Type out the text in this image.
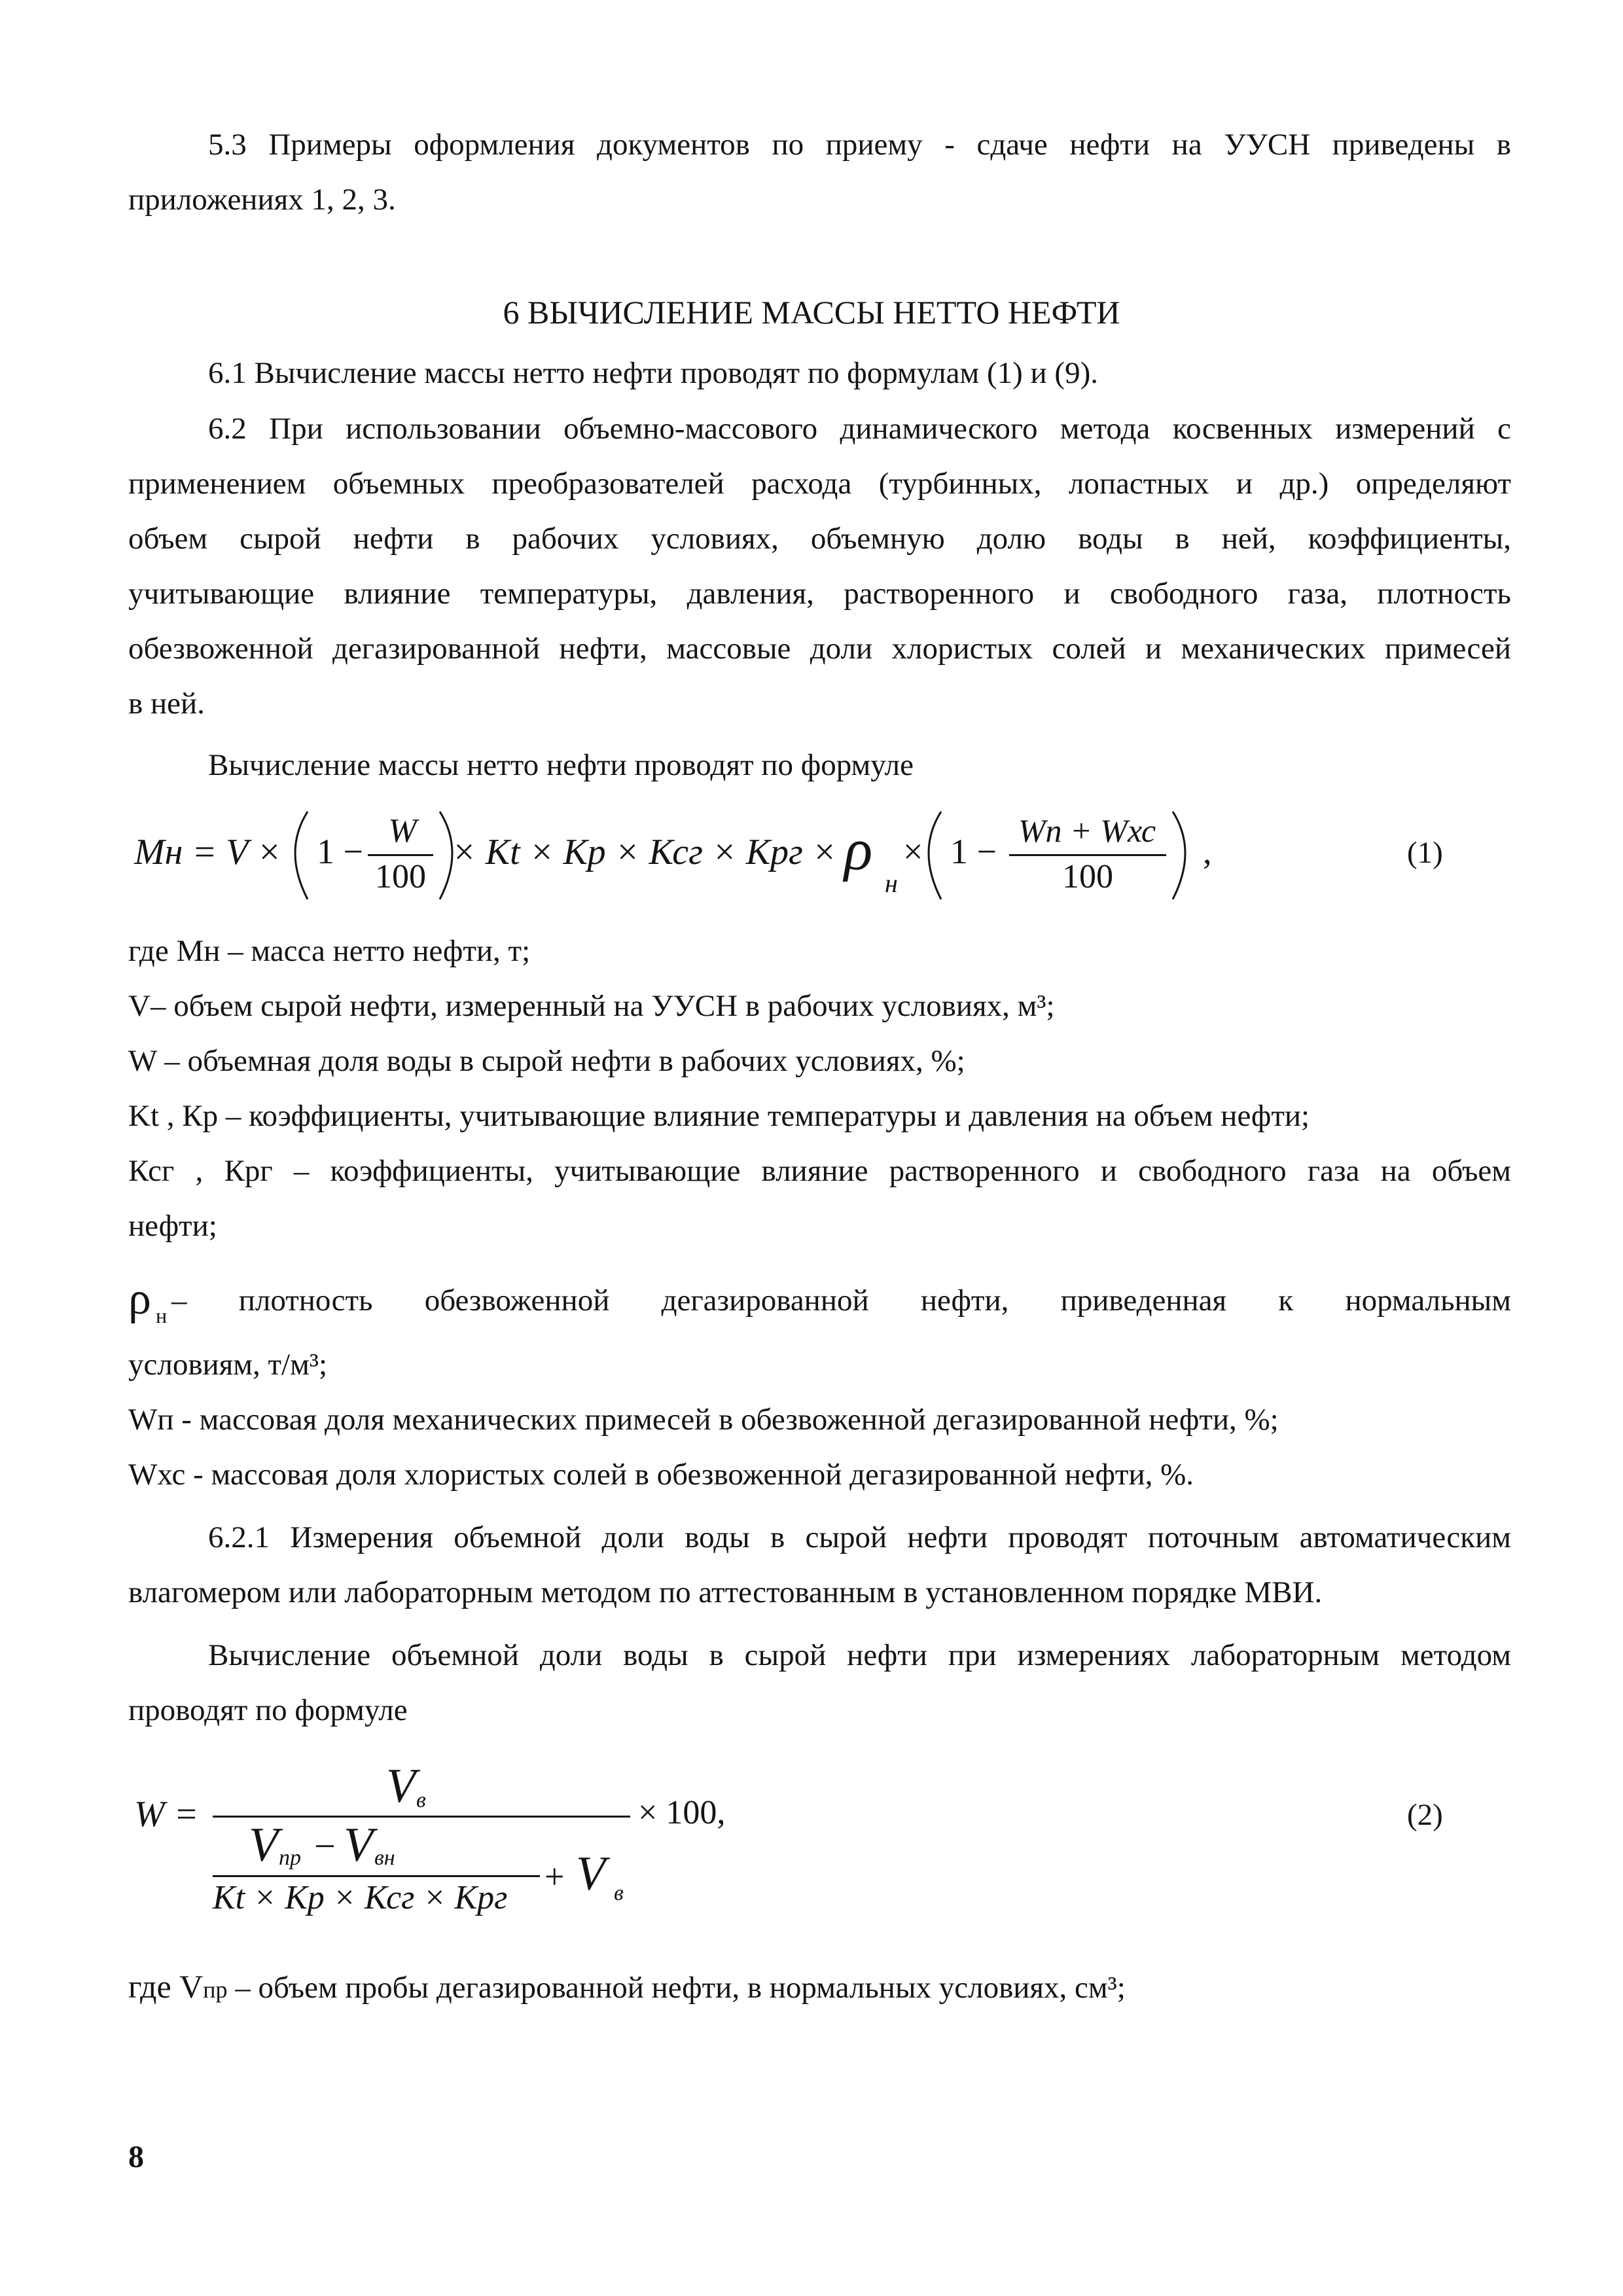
5.3 Примеры оформления документов по приему - сдаче нефти на УУСН приведены в
приложениях 1, 2, 3.
6 ВЫЧИСЛЕНИЕ МАССЫ НЕТТО НЕФТИ
6.1 Вычисление массы нетто нефти проводят по формулам (1) и (9).
6.2 При использовании объемно-массового динамического метода косвенных измерений с
применением объемных преобразователей расхода (турбинных, лопастных и др.) определяют
объем сырой нефти в рабочих условиях, объемную долю воды в ней, коэффициенты,
учитывающие влияние температуры, давления, растворенного и свободного газа, плотность
обезвоженной дегазированной нефти, массовые доли хлористых солей и механических примесей
в ней.
Вычисление массы нетто нефти проводят по формуле
Мн = V × 1 −
W
100
× Kt × Кр × Ксг × Крг × ρ
н
× 1 −
Wп + Wхс
100
,	(1)
где Мн – масса нетто нефти, т;
V– объем сырой нефти, измеренный на УУСН в рабочих условиях, м³;
W – объемная доля воды в сырой нефти в рабочих условиях, %;
Kt , Кр – коэффициенты, учитывающие влияние температуры и давления на объем нефти;
Ксг , Крг – коэффициенты, учитывающие влияние растворенного и свободного газа на объем
нефти;
ρ н – плотность обезвоженной дегазированной нефти, приведенная к нормальным
условиям, т/м³;
Wп - массовая доля механических примесей в обезвоженной дегазированной нефти, %;
Wхс - массовая доля хлористых солей в обезвоженной дегазированной нефти, %.
6.2.1 Измерения объемной доли воды в сырой нефти проводят поточным автоматическим
влагомером или лабораторным методом по аттестованным в установленном порядке МВИ.
Вычисление объемной доли воды в сырой нефти при измерениях лабораторным методом
проводят по формуле
W =
V в	× 100,
V пр − V вн
Kt × Кр × Ксг × Крг
+ V в
(2)
где Vпр – объем пробы дегазированной нефти, в нормальных условиях, см³;
8
